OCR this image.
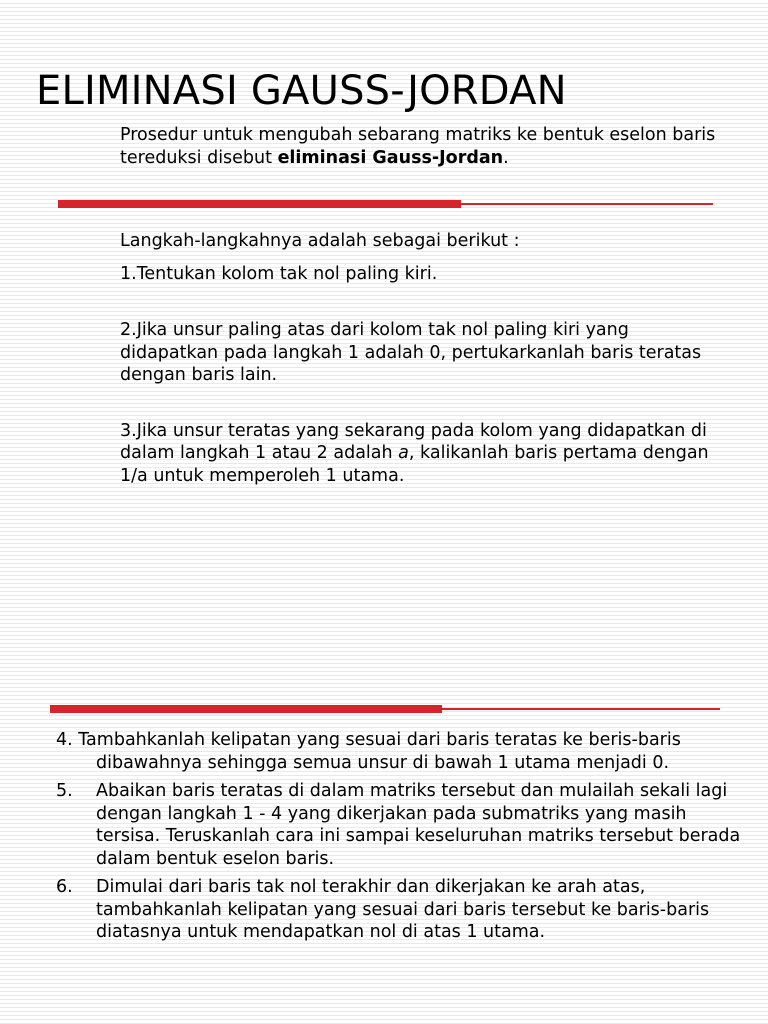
ELIMINASI GAUSS-JORDAN

Prosedur untuk mengubah sebarang matriks ke bentuk eselon baris tereduksi disebut eliminasi Gauss-Jordan.

Langkah-langkahnya adalah sebagai berikut :

1.Tentukan kolom tak nol paling kiri.

2.Jika unsur paling atas dari kolom tak nol paling kiri yang didapatkan pada langkah 1 adalah 0, pertukarkanlah baris teratas dengan baris lain.

3.Jika unsur teratas yang sekarang pada kolom yang didapatkan di dalam langkah 1 atau 2 adalah a, kalikanlah baris pertama dengan 1/a untuk memperoleh 1 utama.

4. Tambahkanlah kelipatan yang sesuai dari baris teratas ke beris-baris dibawahnya sehingga semua unsur di bawah 1 utama menjadi 0.

5. Abaikan baris teratas di dalam matriks tersebut dan mulailah sekali lagi dengan langkah 1 - 4 yang dikerjakan pada submatriks yang masih tersisa. Teruskanlah cara ini sampai keseluruhan matriks tersebut berada dalam bentuk eselon baris.
6. Dimulai dari baris tak nol terakhir dan dikerjakan ke arah atas, tambahkanlah kelipatan yang sesuai dari baris tersebut ke baris-baris diatasnya untuk mendapatkan nol di atas 1 utama.
